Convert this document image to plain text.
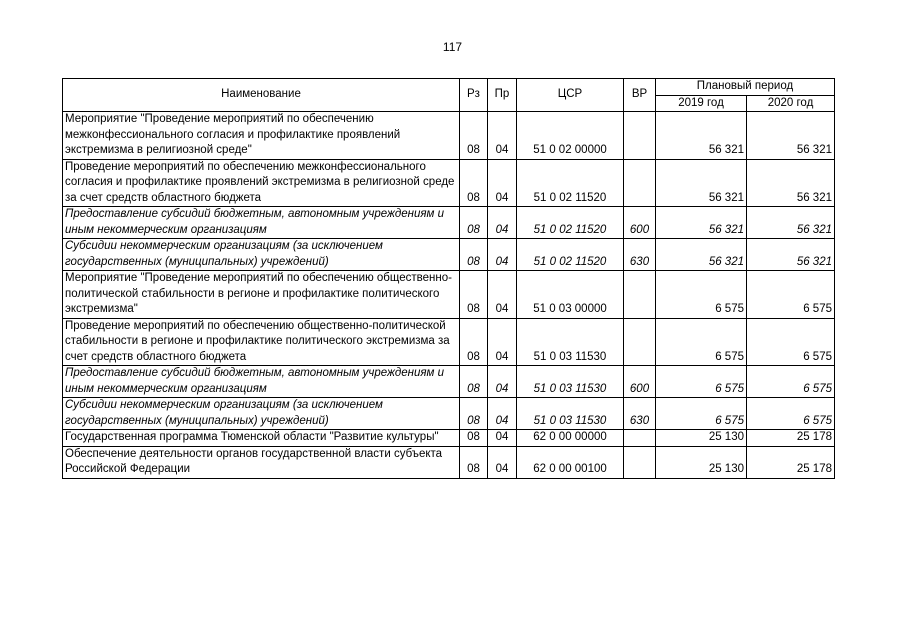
117
Наименование	Рз	Пр	ЦСР	ВР	Плановый период	
					2019 год	2020 год
Мероприятие "Проведение мероприятий по обеспечению межконфессионального согласия и профилактике проявлений экстремизма в религиозной среде"	08	04	51 0 02 00000		56 321	56 321
Проведение мероприятий по обеспечению межконфессионального согласия и профилактике проявлений экстремизма в религиозной среде за счет средств областного бюджета	08	04	51 0 02 11520		56 321	56 321
Предоставление субсидий бюджетным, автономным учреждениям и иным некоммерческим организациям	08	04	51 0 02 11520	600	56 321	56 321
Субсидии некоммерческим организациям (за исключением государственных (муниципальных) учреждений)	08	04	51 0 02 11520	630	56 321	56 321
Мероприятие "Проведение мероприятий по обеспечению общественно-политической стабильности в регионе и профилактике политического экстремизма"	08	04	51 0 03 00000		6 575	6 575
Проведение мероприятий по обеспечению общественно-политической стабильности в регионе и профилактике политического экстремизма за счет средств областного бюджета	08	04	51 0 03 11530		6 575	6 575
Предоставление субсидий бюджетным, автономным учреждениям и иным некоммерческим организациям	08	04	51 0 03 11530	600	6 575	6 575
Субсидии некоммерческим организациям (за исключением государственных (муниципальных) учреждений)	08	04	51 0 03 11530	630	6 575	6 575
Государственная программа Тюменской области "Развитие культуры"	08	04	62 0 00 00000		25 130	25 178
Обеспечение деятельности органов государственной власти субъекта Российской Федерации	08	04	62 0 00 00100		25 130	25 178
